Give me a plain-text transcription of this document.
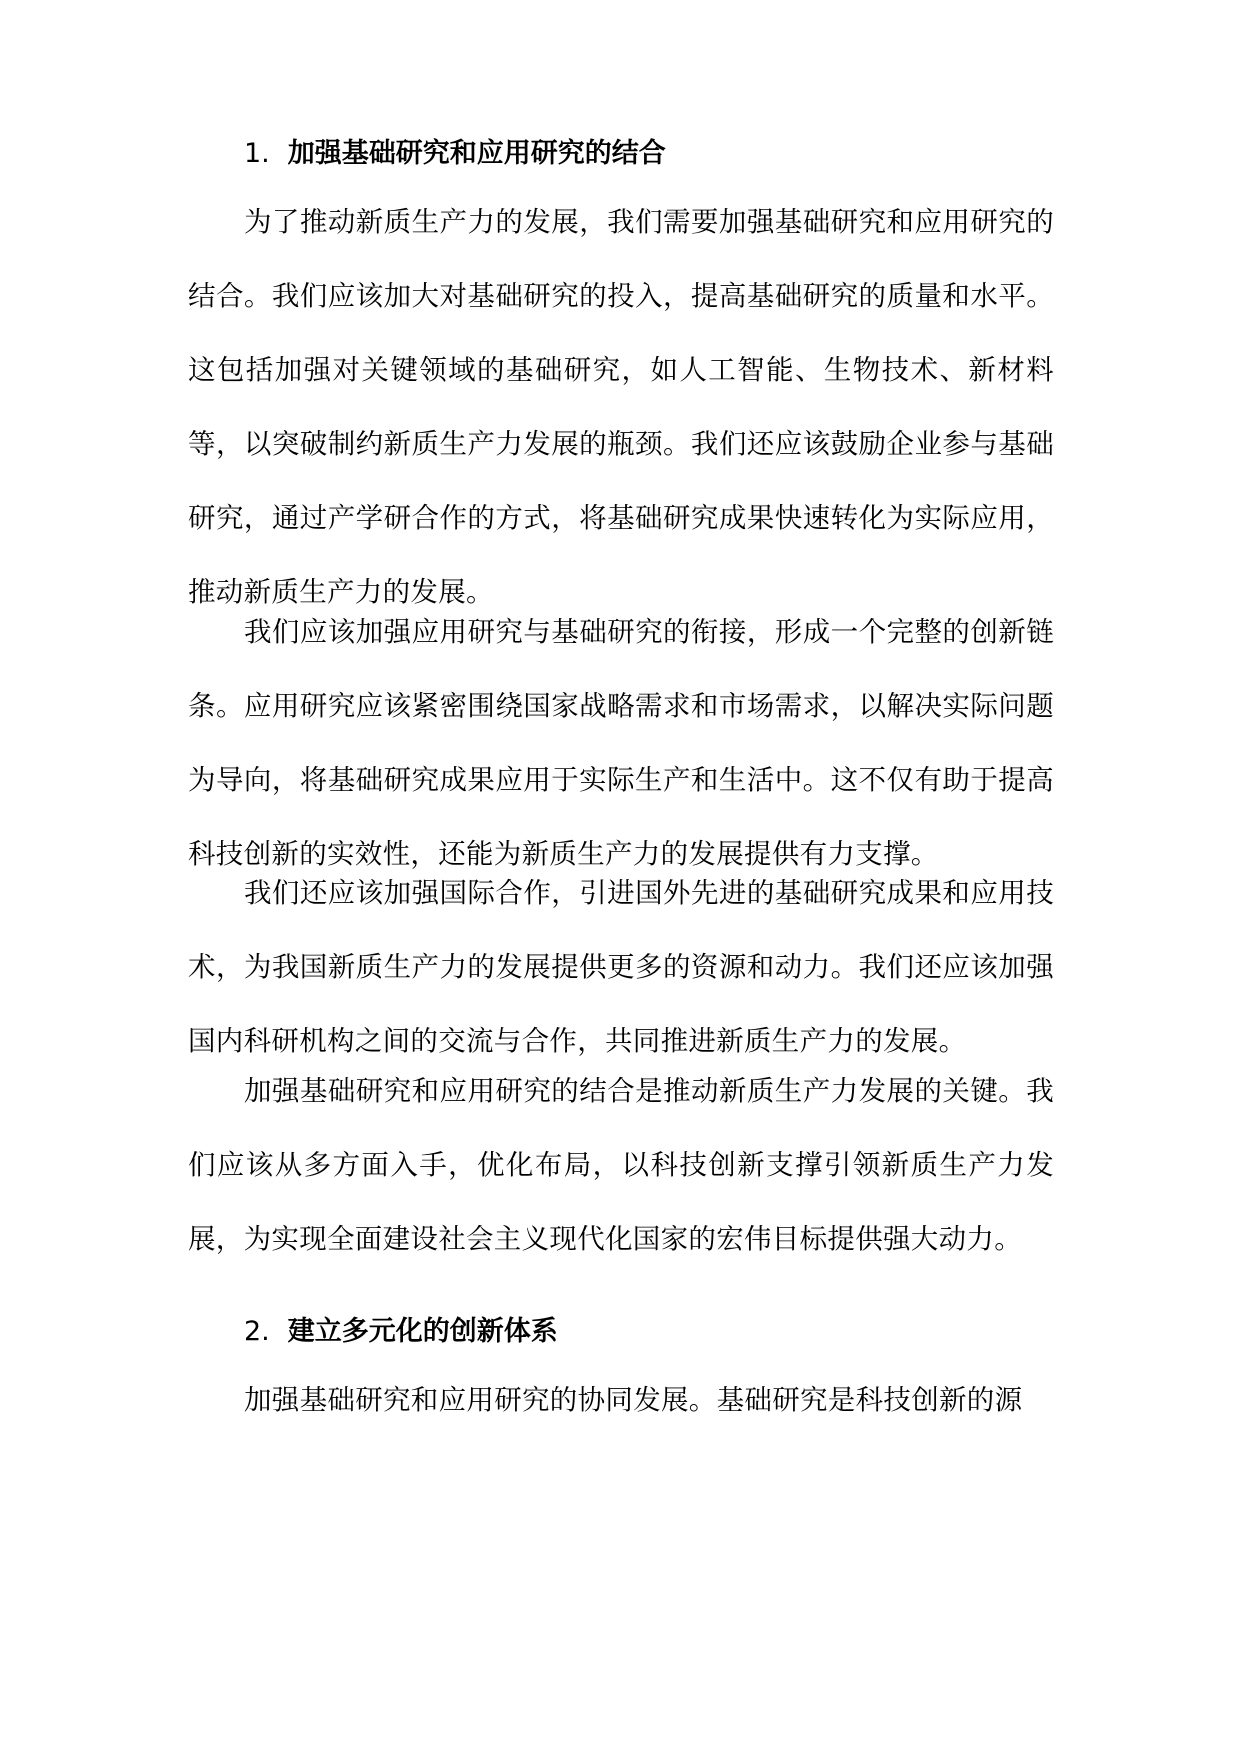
1. 加强基础研究和应用研究的结合

为了推动新质生产力的发展，我们需要加强基础研究和应用研究的结合。我们应该加大对基础研究的投入，提高基础研究的质量和水平。这包括加强对关键领域的基础研究，如人工智能、生物技术、新材料等，以突破制约新质生产力发展的瓶颈。我们还应该鼓励企业参与基础研究，通过产学研合作的方式，将基础研究成果快速转化为实际应用，推动新质生产力的发展。

我们应该加强应用研究与基础研究的衔接，形成一个完整的创新链条。应用研究应该紧密围绕国家战略需求和市场需求，以解决实际问题为导向，将基础研究成果应用于实际生产和生活中。这不仅有助于提高科技创新的实效性，还能为新质生产力的发展提供有力支撑。

我们还应该加强国际合作，引进国外先进的基础研究成果和应用技术，为我国新质生产力的发展提供更多的资源和动力。我们还应该加强国内科研机构之间的交流与合作，共同推进新质生产力的发展。

加强基础研究和应用研究的结合是推动新质生产力发展的关键。我们应该从多方面入手，优化布局，以科技创新支撑引领新质生产力发展，为实现全面建设社会主义现代化国家的宏伟目标提供强大动力。

2. 建立多元化的创新体系

加强基础研究和应用研究的协同发展。基础研究是科技创新的源
